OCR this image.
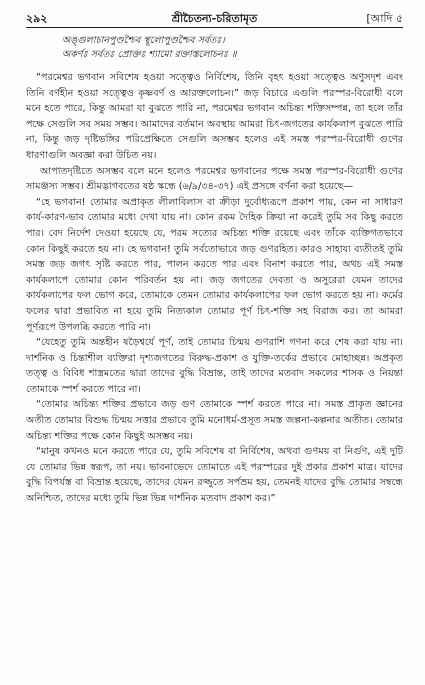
২৯২	শ্রীচৈতন্য-চরিতামৃত	[আদি ৫
অঙ্গুলাচানপুণ্ডশ্চৈব স্থূলোপুণ্ডশ্চৈব সর্বতঃ।
অকর্ণঃ সর্বতঃ প্রোক্তঃ শ্যামো রক্তাস্তলোচনঃ ॥

“পরমেশ্বর ভগবান সবিশেষ হওয়া সত্ত্বেও নির্বিশেষ, তিনি বৃহৎ হওয়া সত্ত্বেও অণুসদৃশ এবং তিনি বর্ণহীন হওয়া সত্ত্বেও কৃষ্ণবর্ণ ও আরক্তলোচন।” জড় বিচারে এগুলি পরস্পর-বিরোধী বলে মনে হতে পারে, কিন্তু আমরা যা বুঝতে পারি না, পরমেশ্বর ভগবান অচিন্ত্য শক্তিসম্পন্ন, তা হলে তাঁর পক্ষে সেগুলি সব সময় সম্ভব। আমাদের বর্তমান অবস্থায় আমরা চিৎ-জগতের কার্যকলাপ বুঝতে পারি না, কিন্তু জড় দৃষ্টিভঙ্গির পরিপ্রেক্ষিতে সেগুলি অসম্ভব হলেও এই সমস্ত পরস্পর-বিরোধী গুণের ধারণাগুলি অবজ্ঞা করা উচিত নয়।

আপাতদৃষ্টিতে অসম্ভব বলে মনে হলেও পরমেশ্বর ভগবানের পক্ষে সমস্ত পরস্পর-বিরোধী গুণের সামঞ্জস্য সম্ভব। শ্রীমদ্ভাগবতের ষষ্ঠ স্কন্ধে (৬/৯/৩৪-৩৭) এই প্রসঙ্গে বর্ণনা করা হয়েছে—

“হে ভগবান! তোমার অপ্রাকৃত লীলাবিলাস বা ক্রীড়া দুর্বোধ্যরূপে প্রকাশ পায়, কেন না সাধারণ কার্য-কারণ-ভাব তোমার মধ্যে দেখা যায় না। কোন রকম দৈহিক ক্রিয়া না করেই তুমি সব কিছু করতে পার। বেদ নির্দেশ দেওয়া হয়েছে যে, পরম সত্যের অচিন্ত্য শক্তি রয়েছে এবং তাঁকে ব্যক্তিগতভাবে কোন কিছুই করতে হয় না। হে ভগবান! তুমি সর্বতোভাবে জড় গুণরহিত। কারও সাহায্য ব্যতীতই তুমি সমস্ত জড় জগৎ সৃষ্টি করতে পার, পালন করতে পার এবং বিনাশ করতে পার, অথচ এই সমস্ত কার্যকলাপে তোমার কোন পরিবর্তন হয় না। জড় জগতের দেবতা ও অসুরেরা যেমন তাদের কার্যকলাপের ফল ভোগ করে, তোমাকে তেমন তোমার কার্যকলাপের ফল ভোগ করতে হয় না। কর্মের ফলের দ্বারা প্রভাবিত না হয়ে তুমি নিত্যকাল তোমার পূর্ণ চিৎ-শক্তি সহ বিরাজ কর। তা আমরা পূর্ণরূপে উপলব্ধি করতে পারি না।

“যেহেতু তুমি অন্তহীন ষড়ৈশ্বর্যে পূর্ণ, তাই তোমার চিন্ময় গুণরাশি গণনা করে শেষ করা যায় না। দার্শনিক ও চিন্তাশীল ব্যক্তিরা দৃশ্যজগতের বিরুদ্ধ-প্রকাশ ও যুক্তি-তর্কের প্রভাবে মোহাচ্ছন্ন। অপ্রকৃত তত্ত্ব ও বিবিধ শাস্ত্রমতের দ্বারা তাদের বুদ্ধি বিভ্রান্ত, তাই তাদের মতবাদ সকলের শাসক ও নিয়ন্তা তোমাকে স্পর্শ করতে পারে না।

“তোমার অচিন্ত্য শক্তির প্রভাবে জড় গুণ তোমাকে স্পর্শ করতে পারে না। সমস্ত প্রাকৃত জ্ঞানের অতীত তোমার বিশুদ্ধ চিন্ময় সত্তার প্রভাবে তুমি মনোধর্ম-প্রসূত সমস্ত জল্পনা-কল্পনার অতীত। তোমার অচিন্ত্য শক্তির পক্ষে কোন কিছুই অসম্ভব নয়।

“মানুষ কখনও মনে করতে পারে যে, তুমি সবিশেষ বা নির্বিশেষ, অথবা গুণময় বা নির্গুণ, এই দুটি যে তোমার ভিন্ন স্বরূপ, তা নয়। ভাবনাভেদে তোমাতে এই পরস্পরের দুই প্রকার প্রকাশ মাত্র। যাদের বুদ্ধি বিপর্যস্ত বা বিভ্রান্ত হয়েছে, তাদের যেমন রজ্জুতে সর্পভ্রম হয়, তেমনই যাদের বুদ্ধি তোমার সম্বন্ধে অনিশ্চিত, তাদের মধ্যে তুমি ভিন্ন ভিন্ন দার্শনিক মতবাদ প্রকাশ কর।”
